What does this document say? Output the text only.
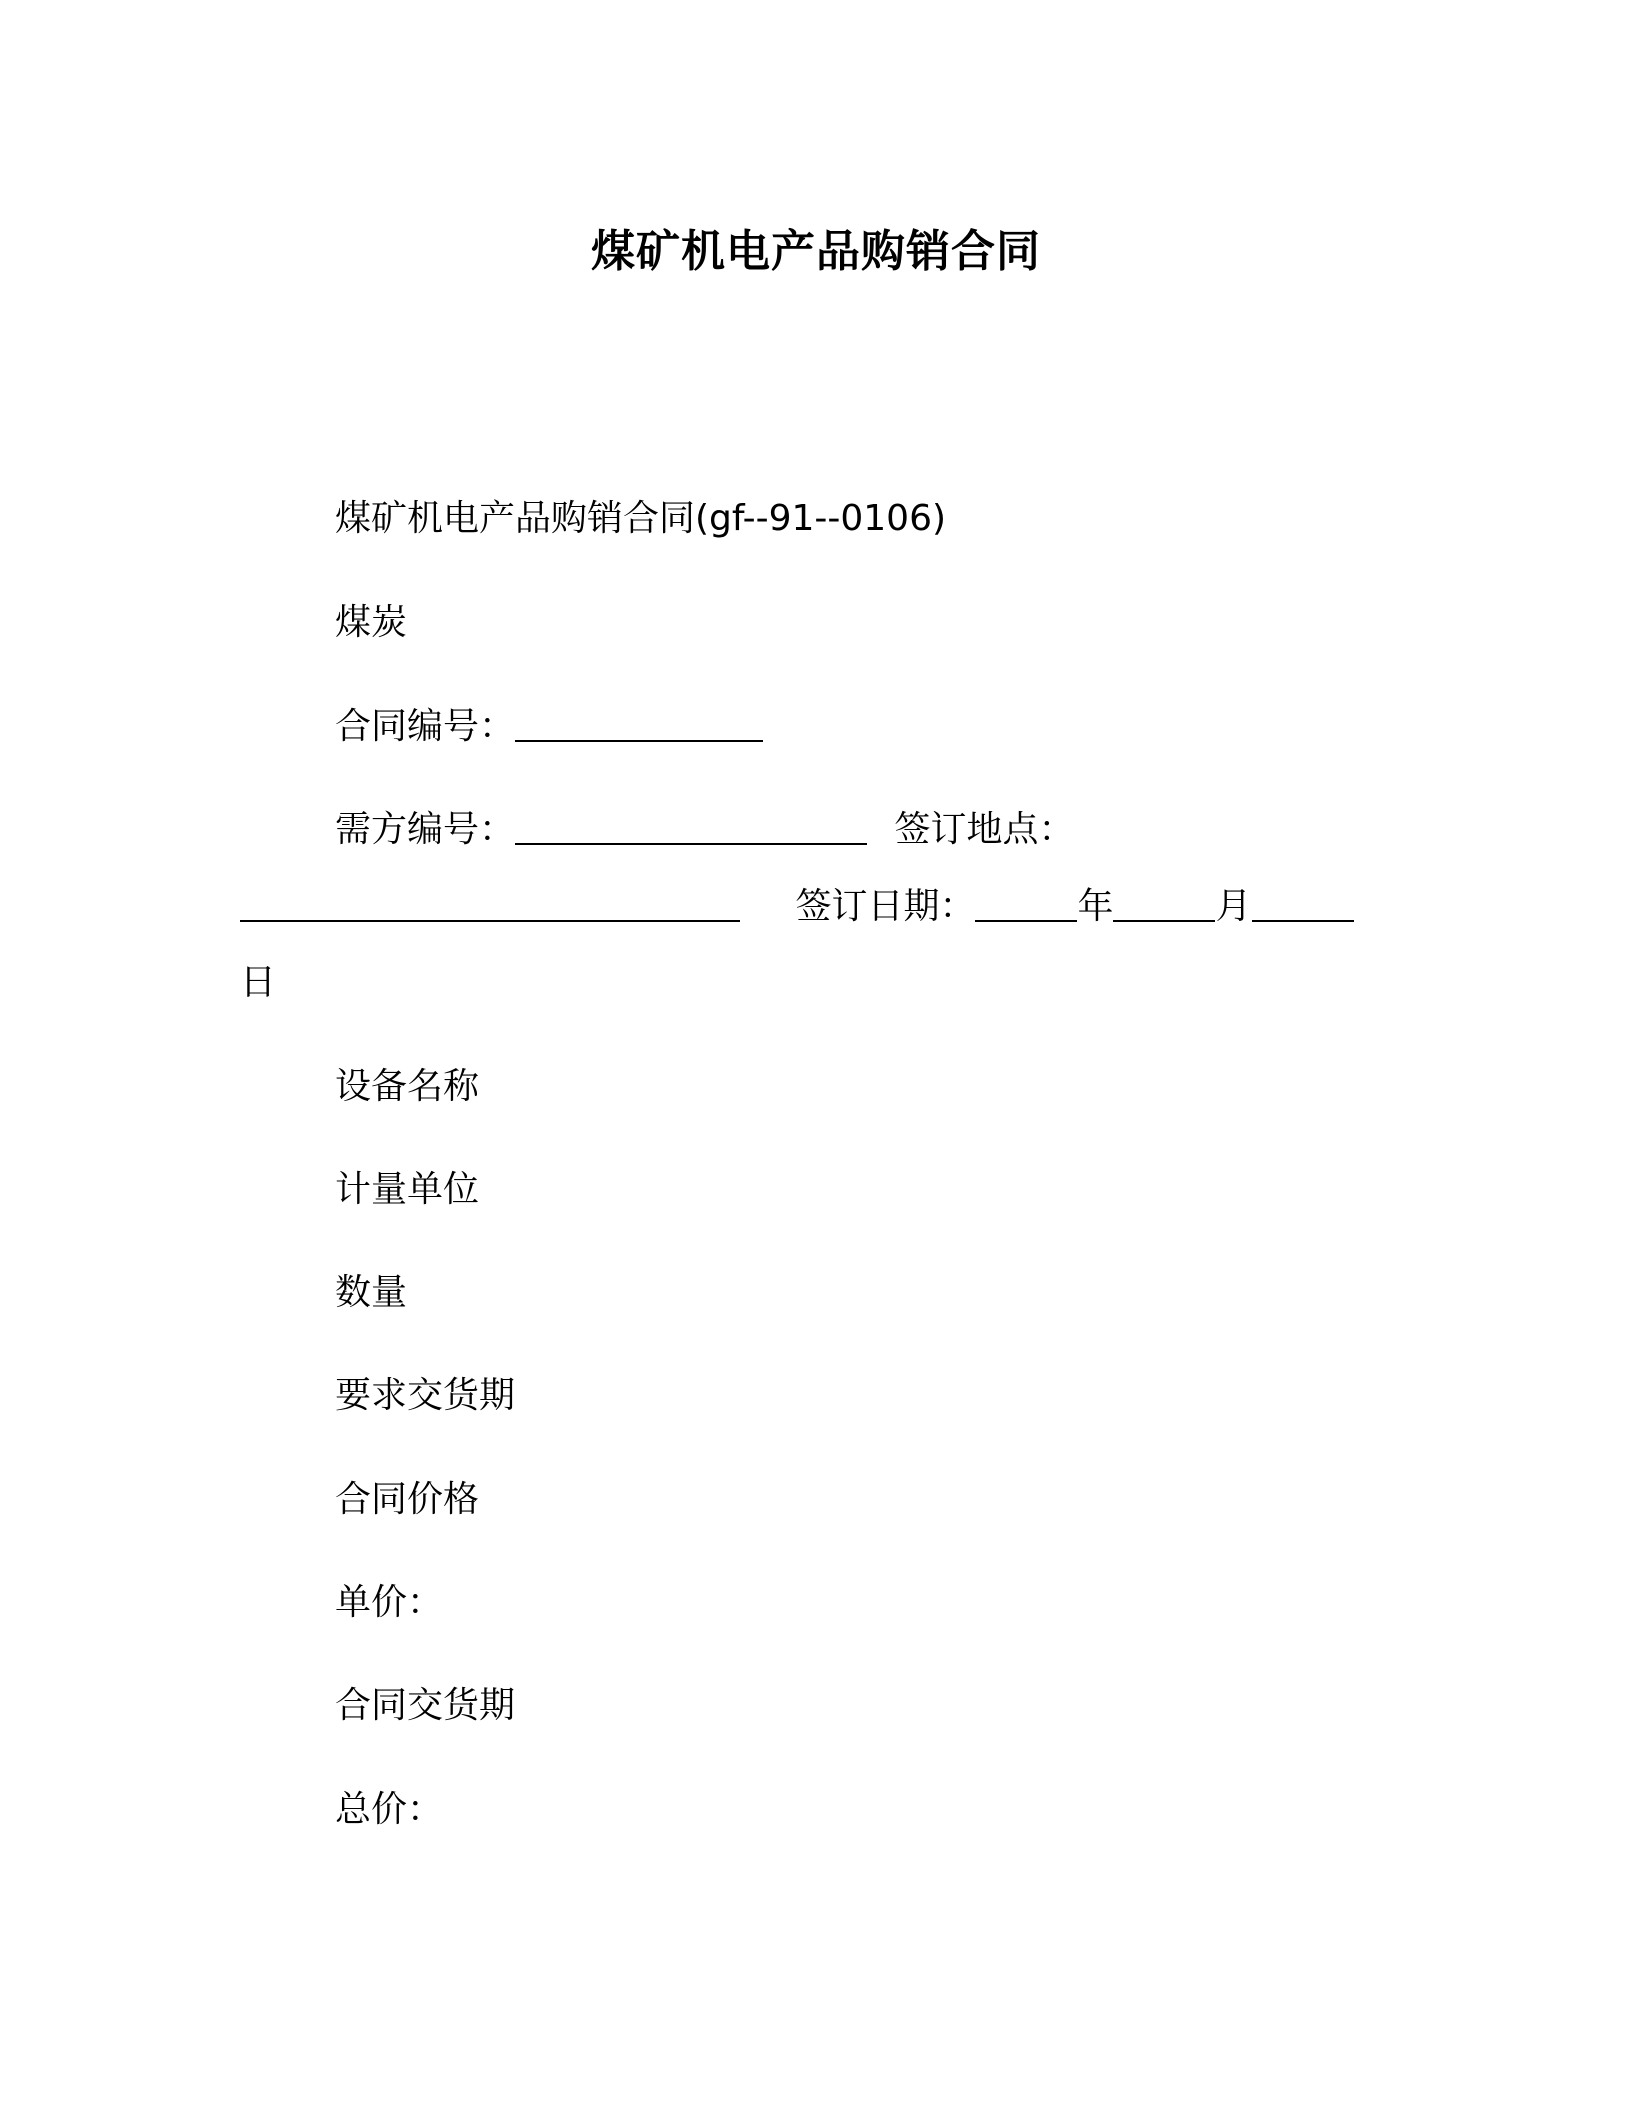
煤矿机电产品购销合同
煤矿机电产品购销合同(gf--91--0106)
煤炭
合同编号：
需方编号：	签订地点：
签订日期：	年	月
日
设备名称
计量单位
数量
要求交货期
合同价格
单价：
合同交货期
总价：
